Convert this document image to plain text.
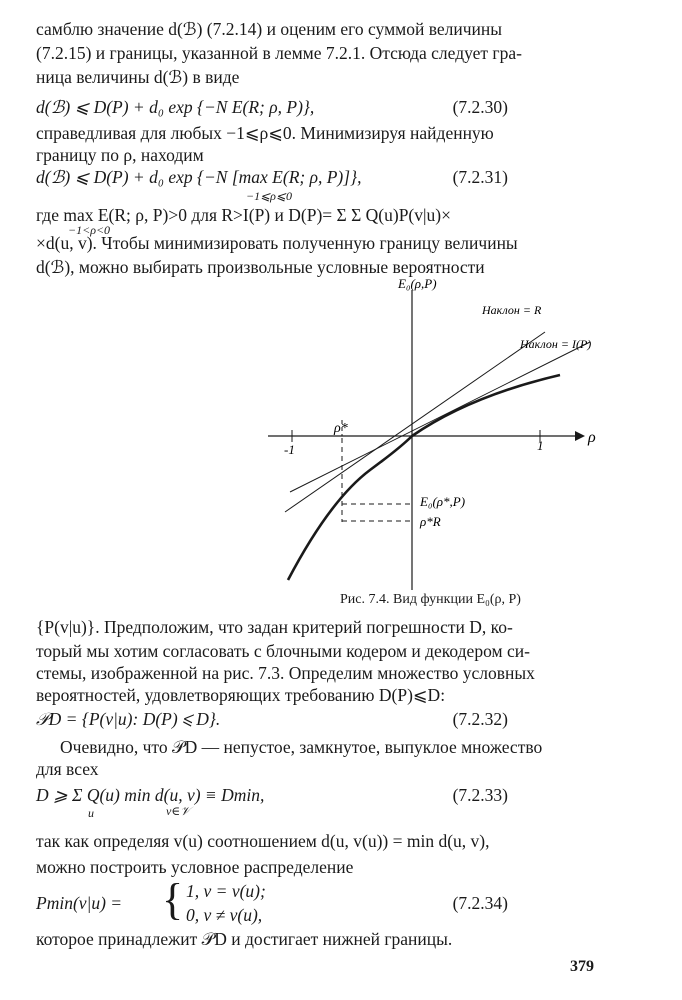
самблю значение d(ℬ) (7.2.14) и оценим его суммой величины
(7.2.15) и границы, указанной в лемме 7.2.1. Отсюда следует гра-
ница величины d(ℬ) в виде
d(ℬ) ⩽ D(P) + d₀ exp {−N E(R; ρ, P)},	(7.2.30)
справедливая для любых −1⩽ρ⩽0. Минимизируя найденную
границу по ρ, находим
d(ℬ) ⩽ D(P) + d₀ exp {−N [max E(R; ρ, P)]},	(7.2.31)
−1⩽ρ⩽0
где max E(R; ρ, P)>0 для R>I(P) и D(P)= Σ Σ Q(u)P(v|u)×
−1<ρ<0
×d(u, v). Чтобы минимизировать полученную границу величины
d(ℬ), можно выбирать произвольные условные вероятности
E₀(ρ,P)
ρ
Наклон = R
Наклон = I(P)
-1	1
ρ*
E₀(ρ*,P)
ρ*R
Рис. 7.4. Вид функции E₀(ρ, P)
{P(v|u)}. Предположим, что задан критерий погрешности D, ко-
торый мы хотим согласовать с блочными кодером и декодером си-
стемы, изображенной на рис. 7.3. Определим множество условных
вероятностей, удовлетворяющих требованию D(P)⩽D:
𝒫D = {P(v|u): D(P) ⩽ D}.	(7.2.32)
Очевидно, что 𝒫D — непустое, замкнутое, выпуклое множество
для всех
D ⩾ Σ Q(u) min d(u, v) ≡ Dmin,	(7.2.33)
u	v∈𝒱
так как определяя v(u) соотношением d(u, v(u)) = min d(u, v),
можно построить условное распределение
Pmin(v|u) = { 1, v = v(u);
0, v ≠ v(u),
(7.2.34)
которое принадлежит 𝒫D и достигает нижней границы.
379
